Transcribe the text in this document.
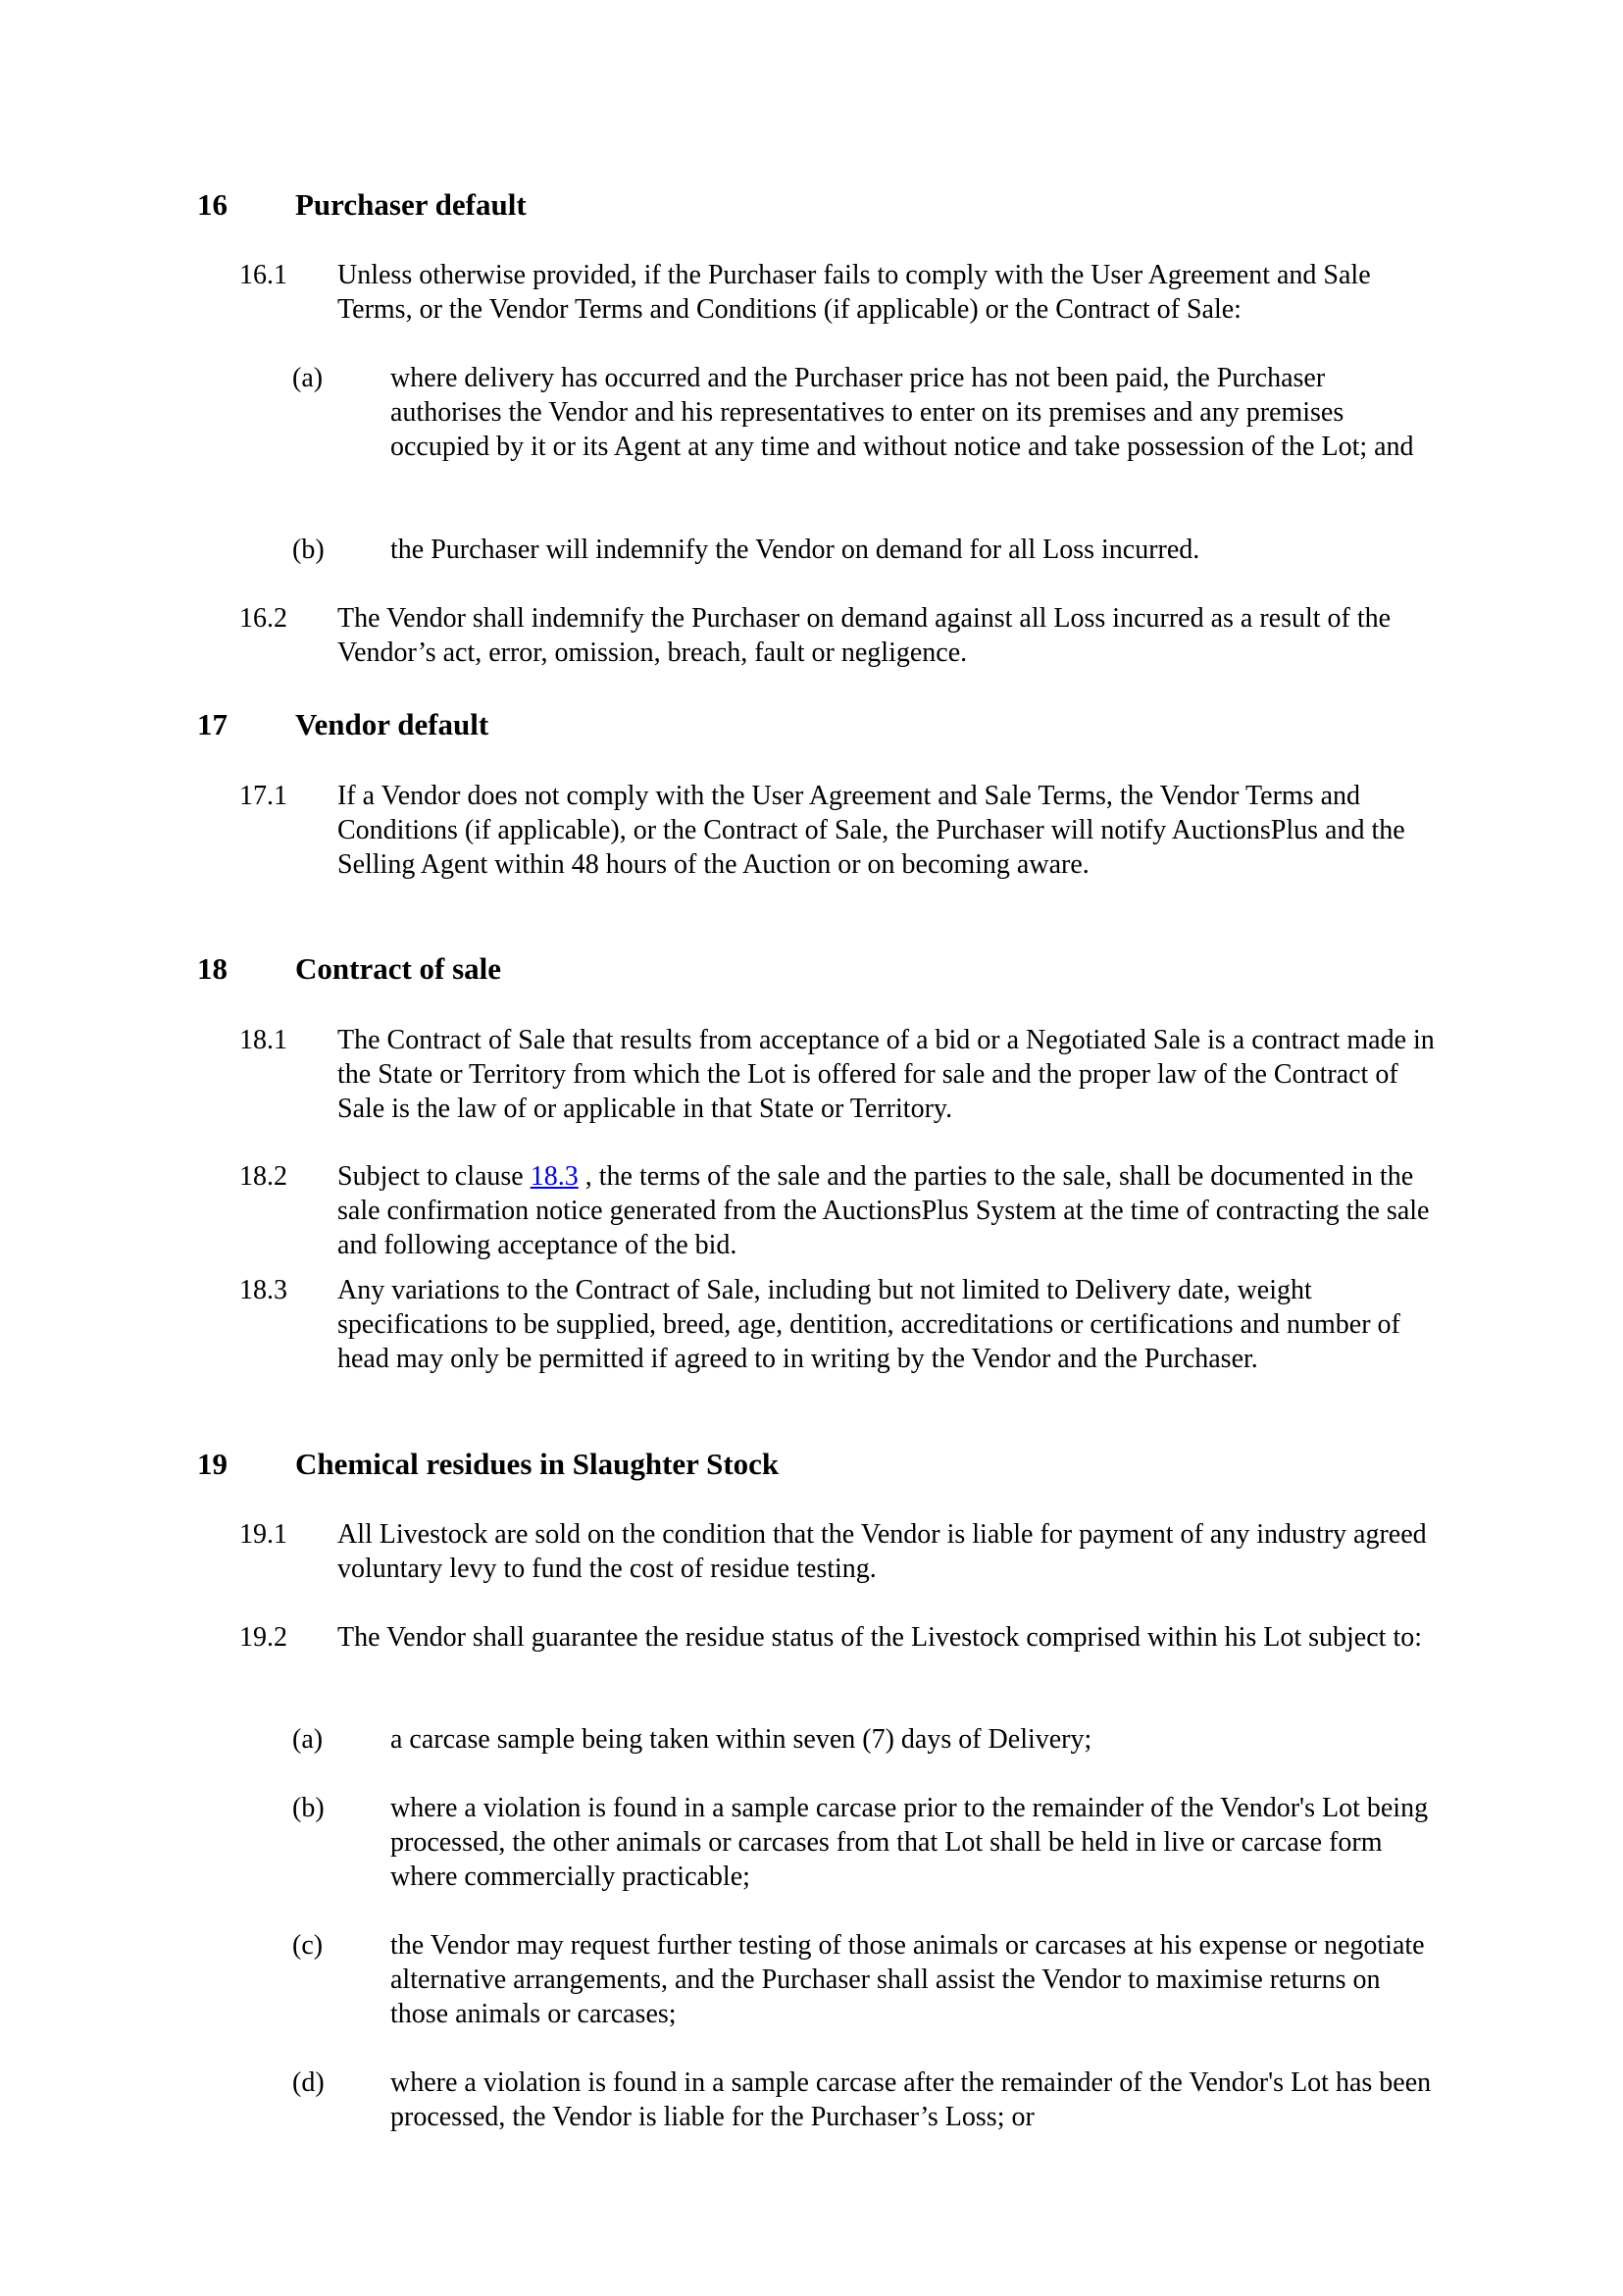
16 Purchaser default
16.1 Unless otherwise provided, if the Purchaser fails to comply with the User Agreement and Sale Terms, or the Vendor Terms and Conditions (if applicable) or the Contract of Sale:
(a) where delivery has occurred and the Purchaser price has not been paid, the Purchaser authorises the Vendor and his representatives to enter on its premises and any premises occupied by it or its Agent at any time and without notice and take possession of the Lot; and
(b) the Purchaser will indemnify the Vendor on demand for all Loss incurred.
16.2 The Vendor shall indemnify the Purchaser on demand against all Loss incurred as a result of the Vendor’s act, error, omission, breach, fault or negligence.
17 Vendor default
17.1 If a Vendor does not comply with the User Agreement and Sale Terms, the Vendor Terms and Conditions (if applicable), or the Contract of Sale, the Purchaser will notify AuctionsPlus and the Selling Agent within 48 hours of the Auction or on becoming aware.
18 Contract of sale
18.1 The Contract of Sale that results from acceptance of a bid or a Negotiated Sale is a contract made in the State or Territory from which the Lot is offered for sale and the proper law of the Contract of Sale is the law of or applicable in that State or Territory.
18.2 Subject to clause 18.3 , the terms of the sale and the parties to the sale, shall be documented in the sale confirmation notice generated from the AuctionsPlus System at the time of contracting the sale and following acceptance of the bid.
18.3 Any variations to the Contract of Sale, including but not limited to Delivery date, weight specifications to be supplied, breed, age, dentition, accreditations or certifications and number of head may only be permitted if agreed to in writing by the Vendor and the Purchaser.
19 Chemical residues in Slaughter Stock
19.1 All Livestock are sold on the condition that the Vendor is liable for payment of any industry agreed voluntary levy to fund the cost of residue testing.
19.2 The Vendor shall guarantee the residue status of the Livestock comprised within his Lot subject to:
(a) a carcase sample being taken within seven (7) days of Delivery;
(b) where a violation is found in a sample carcase prior to the remainder of the Vendor's Lot being processed, the other animals or carcases from that Lot shall be held in live or carcase form where commercially practicable;
(c) the Vendor may request further testing of those animals or carcases at his expense or negotiate alternative arrangements, and the Purchaser shall assist the Vendor to maximise returns on those animals or carcases;
(d) where a violation is found in a sample carcase after the remainder of the Vendor's Lot has been processed, the Vendor is liable for the Purchaser’s Loss; or
